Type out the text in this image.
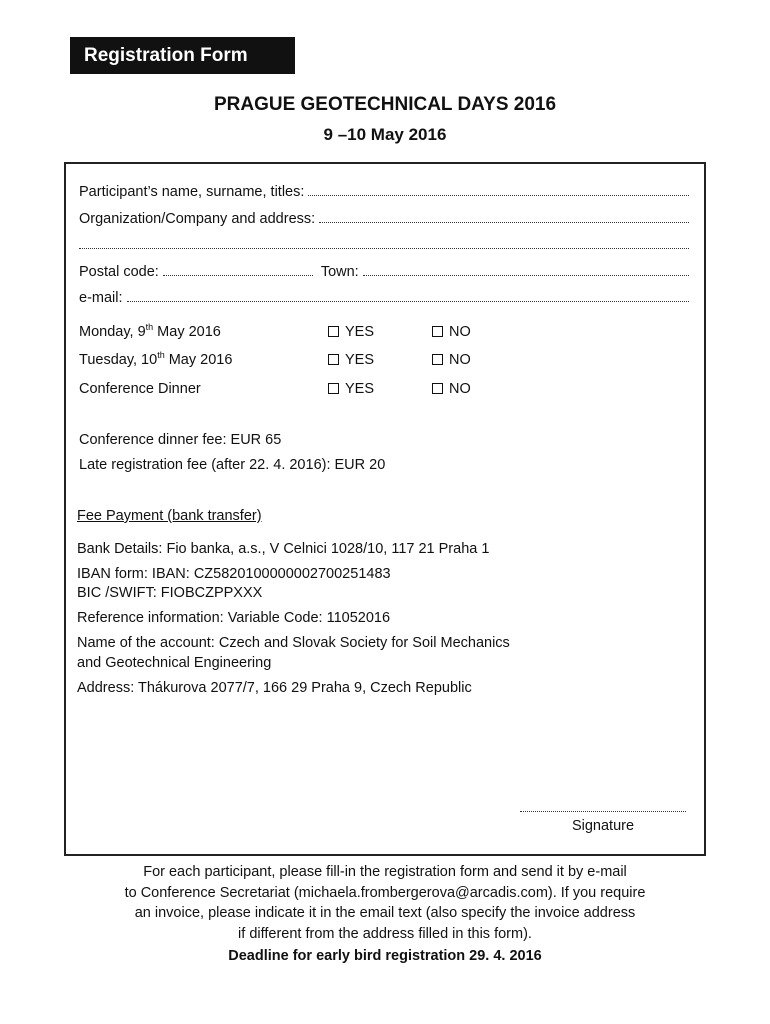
Registration Form
PRAGUE GEOTECHNICAL DAYS 2016
9 –10 May 2016
Participant’s name, surname, titles:
Organization/Company and address:
Postal code:	Town:
e-mail:
Monday, 9th May 2016	YES	NO
Tuesday, 10th May 2016	YES	NO
Conference Dinner	YES	NO
Conference dinner fee: EUR 65
Late registration fee (after 22. 4. 2016): EUR 20
Fee Payment (bank transfer)
Bank Details: Fio banka, a.s., V Celnici 1028/10, 117 21 Praha 1
IBAN form: IBAN: CZ5820100000002700251483
BIC /SWIFT: FIOBCZPPXXX
Reference information: Variable Code: 11052016
Name of the account: Czech and Slovak Society for Soil Mechanics
and Geotechnical Engineering
Address: Thákurova 2077/7, 166 29 Praha 9, Czech Republic
Signature
For each participant, please fill-in the registration form and send it by e-mail
to Conference Secretariat (michaela.frombergerova@arcadis.com). If you require
an invoice, please indicate it in the email text (also specify the invoice address
if different from the address filled in this form).
Deadline for early bird registration 29. 4. 2016
